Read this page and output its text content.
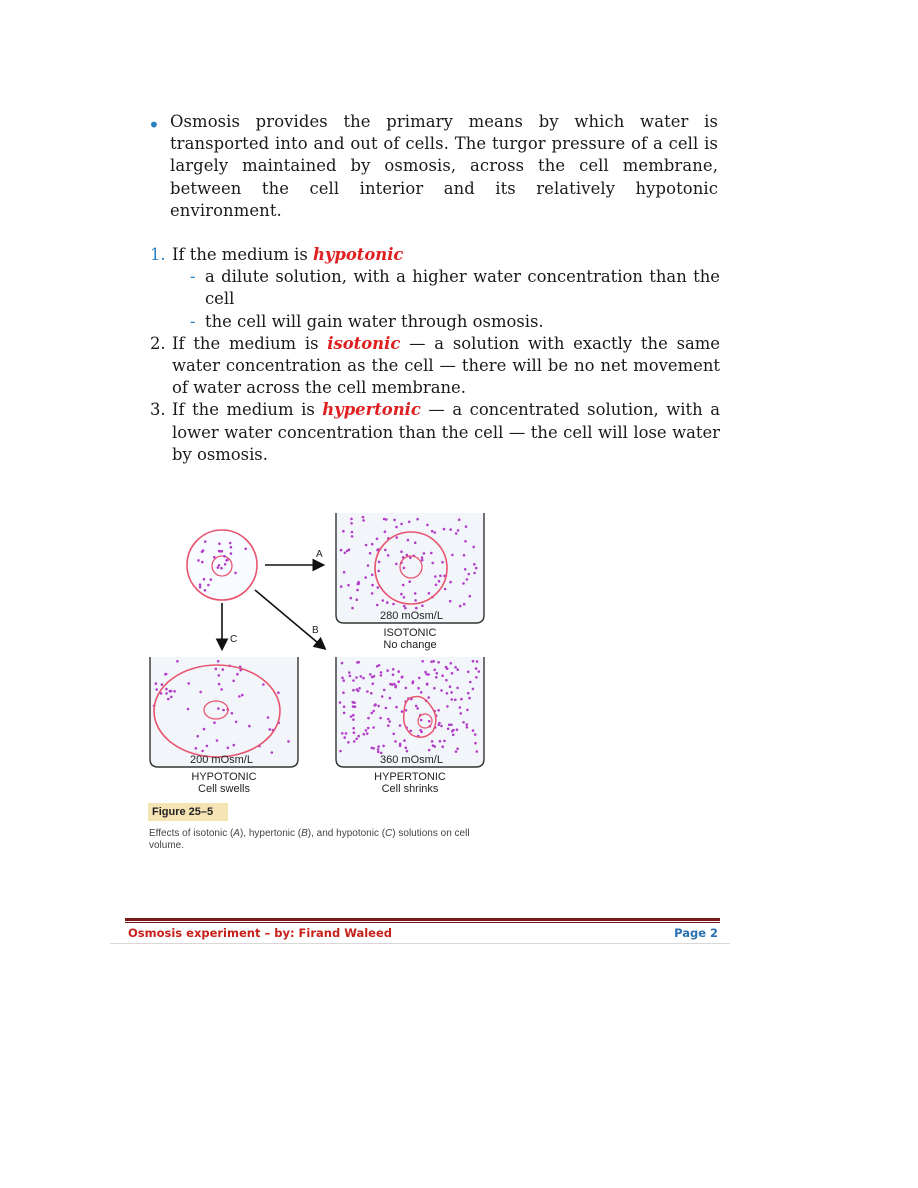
• Osmosis provides the primary means by which water is transported into and out of cells. The turgor pressure of a cell is largely maintained by osmosis, across the cell membrane, between the cell interior and its relatively hypotonic environment.
1. If the medium is hypotonic
- a dilute solution, with a higher water concentration than the cell
- the cell will gain water through osmosis.
2. If the medium is isotonic — a solution with exactly the same water concentration as the cell — there will be no net movement of water across the cell membrane.
3. If the medium is hypertonic — a concentrated solution, with a lower water concentration than the cell — the cell will lose water by osmosis.
A
B
C
280 mOsm/L
200 mOsm/L	360 mOsm/L
ISOTONIC
No change
HYPOTONIC
Cell swells
HYPERTONIC
Cell shrinks
Figure 25–5
Effects of isotonic (A), hypertonic (B), and hypotonic (C) solutions on cell volume.
Osmosis experiment – by: Firand Waleed	Page 2
